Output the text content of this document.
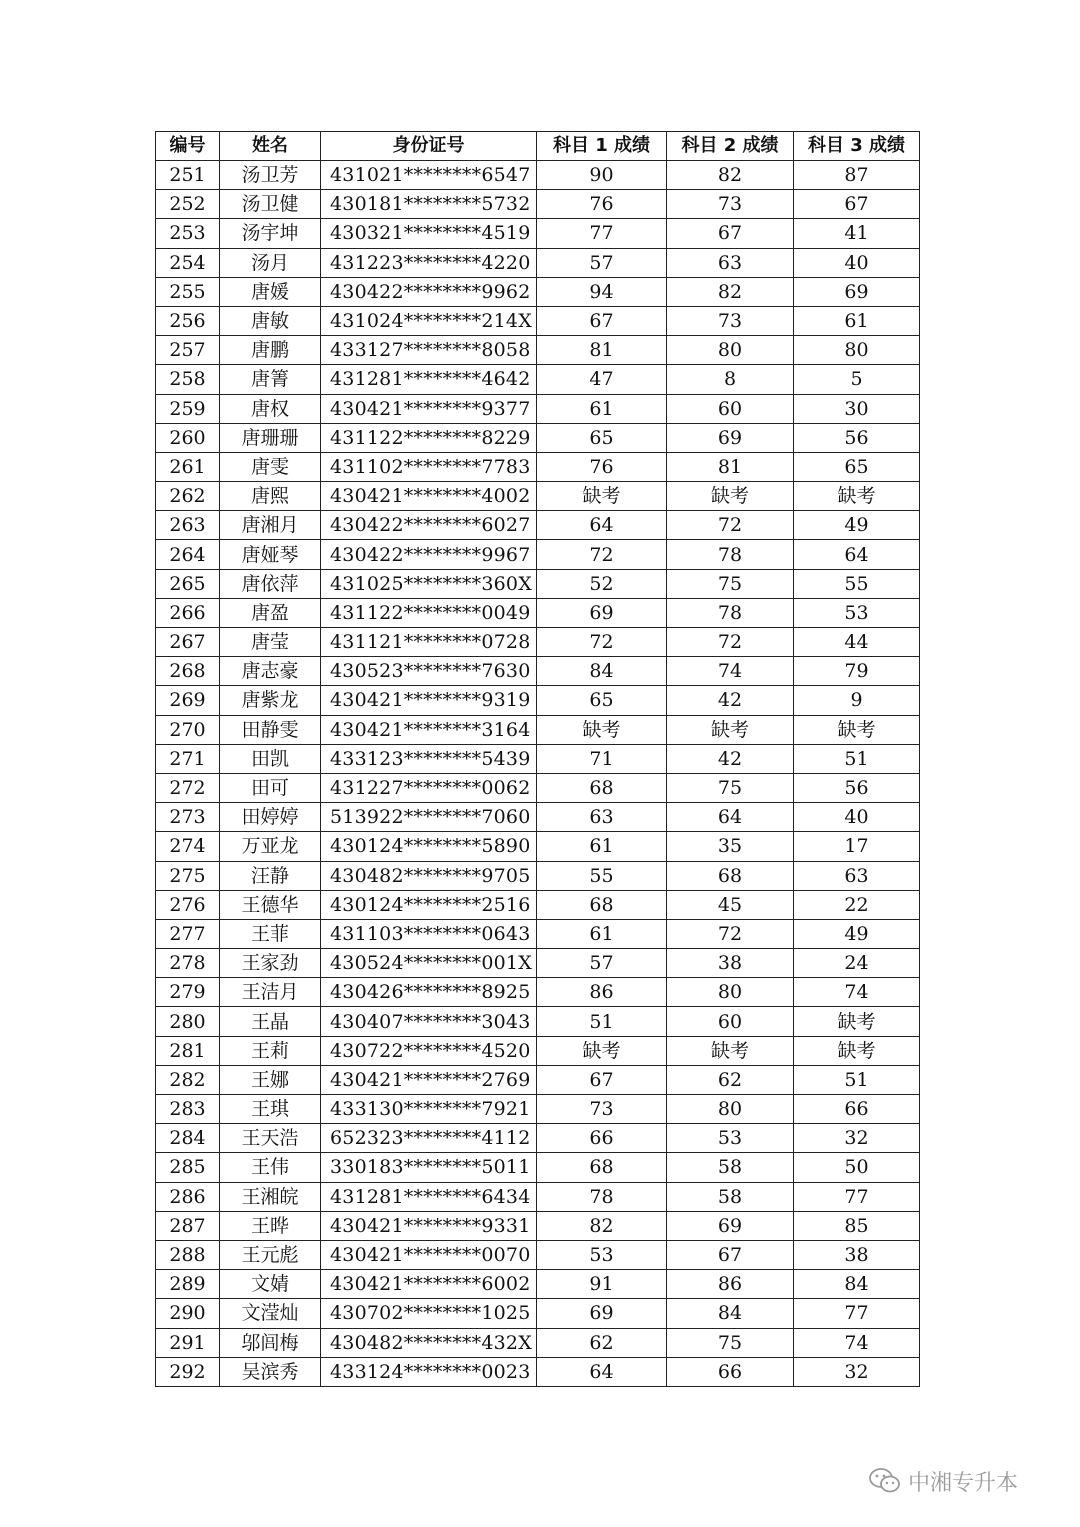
编号	姓名	身份证号	科目 1 成绩	科目 2 成绩	科目 3 成绩
251	汤卫芳	431021********6547	90	82	87
252	汤卫健	430181********5732	76	73	67
253	汤宇坤	430321********4519	77	67	41
254	汤月	431223********4220	57	63	40
255	唐媛	430422********9962	94	82	69
256	唐敏	431024********214X	67	73	61
257	唐鹏	433127********8058	81	80	80
258	唐箐	431281********4642	47	8	5
259	唐权	430421********9377	61	60	30
260	唐珊珊	431122********8229	65	69	56
261	唐雯	431102********7783	76	81	65
262	唐熙	430421********4002	缺考	缺考	缺考
263	唐湘月	430422********6027	64	72	49
264	唐娅琴	430422********9967	72	78	64
265	唐依萍	431025********360X	52	75	55
266	唐盈	431122********0049	69	78	53
267	唐莹	431121********0728	72	72	44
268	唐志豪	430523********7630	84	74	79
269	唐紫龙	430421********9319	65	42	9
270	田静雯	430421********3164	缺考	缺考	缺考
271	田凯	433123********5439	71	42	51
272	田可	431227********0062	68	75	56
273	田婷婷	513922********7060	63	64	40
274	万亚龙	430124********5890	61	35	17
275	汪静	430482********9705	55	68	63
276	王德华	430124********2516	68	45	22
277	王菲	431103********0643	61	72	49
278	王家劲	430524********001X	57	38	24
279	王洁月	430426********8925	86	80	74
280	王晶	430407********3043	51	60	缺考
281	王莉	430722********4520	缺考	缺考	缺考
282	王娜	430421********2769	67	62	51
283	王琪	433130********7921	73	80	66
284	王天浩	652323********4112	66	53	32
285	王伟	330183********5011	68	58	50
286	王湘皖	431281********6434	78	58	77
287	王晔	430421********9331	82	69	85
288	王元彪	430421********0070	53	67	38
289	文婧	430421********6002	91	86	84
290	文滢灿	430702********1025	69	84	77
291	邬闾梅	430482********432X	62	75	74
292	吴滨秀	433124********0023	64	66	32
中湘专升本
